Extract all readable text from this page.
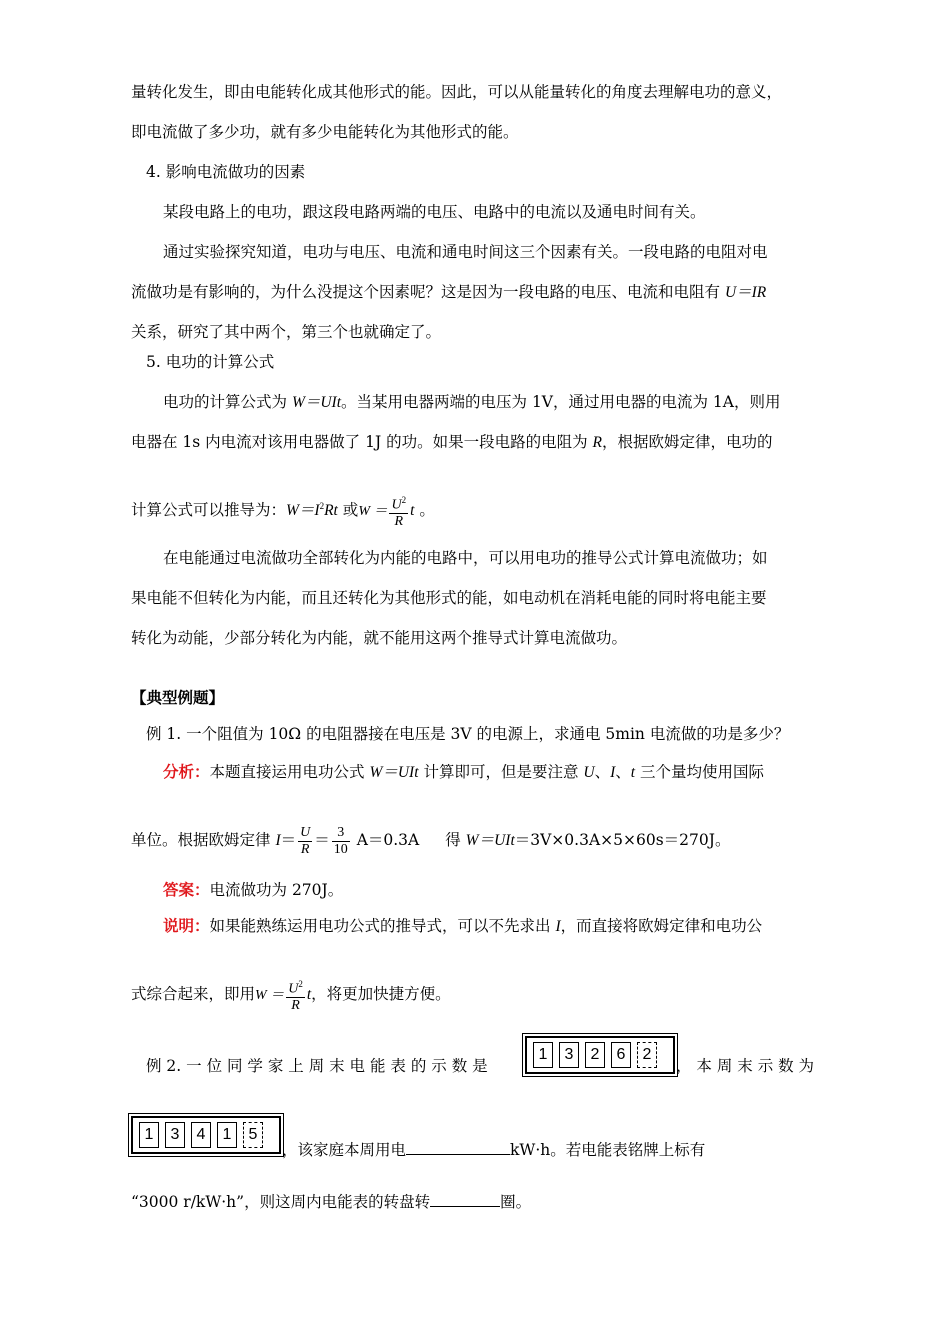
量转化发生，即由电能转化成其他形式的能。因此，可以从能量转化的角度去理解电功的意义，
即电流做了多少功，就有多少电能转化为其他形式的能。
4. 影响电流做功的因素
某段电路上的电功，跟这段电路两端的电压、电路中的电流以及通电时间有关。
通过实验探究知道，电功与电压、电流和通电时间这三个因素有关。一段电路的电阻对电
流做功是有影响的，为什么没提这个因素呢？这是因为一段电路的电压、电流和电阻有 U＝IR
关系，研究了其中两个，第三个也就确定了。
5. 电功的计算公式
电功的计算公式为 W＝UIt。当某用电器两端的电压为 1V，通过用电器的电流为 1A，则用
电器在 1s 内电流对该用电器做了 1J 的功。如果一段电路的电阻为 R，根据欧姆定律，电功的
计算公式可以推导为：$W=I^2Rt$ 或$W = \frac{U^2}{R}$ t 。
在电能通过电流做功全部转化为内能的电路中，可以用电功的推导公式计算电流做功；如
果电能不但转化为内能，而且还转化为其他形式的能，如电动机在消耗电能的同时将电能主要
转化为动能，少部分转化为内能，就不能用这两个推导式计算电流做功。
【典型例题】
例 1. 一个阻值为 10Ω 的电阻器接在电压是 3V 的电源上，求通电 5min 电流做的功是多少？
分析：本题直接运用电功公式 W＝UIt 计算即可，但是要注意 U、I、t 三个量均使用国际
单位。根据欧姆定律 $I= \frac{U}{R} = \frac{3}{10} A=0.3A$ 得 W＝UIt＝3V×0.3A×5×60s＝270J。
答案：电流做功为 270J。
说明：如果能熟练运用电功公式的推导式，可以不先求出 I，而直接将欧姆定律和电功公
式综合起来，即用$W = \frac{U^2}{R}$ t，将更加快捷方便。
例 2. 一 位 同 学 家 上 周 末 电 能 表 的 示 数 是
1	3	2	6	2
， 本 周 末 示 数 为
1	3	4	1	5
，该家庭本周用电	kW·h。若电能表铭牌上标有
“3000 r/kW·h”，则这周内电能表的转盘转	圈。
